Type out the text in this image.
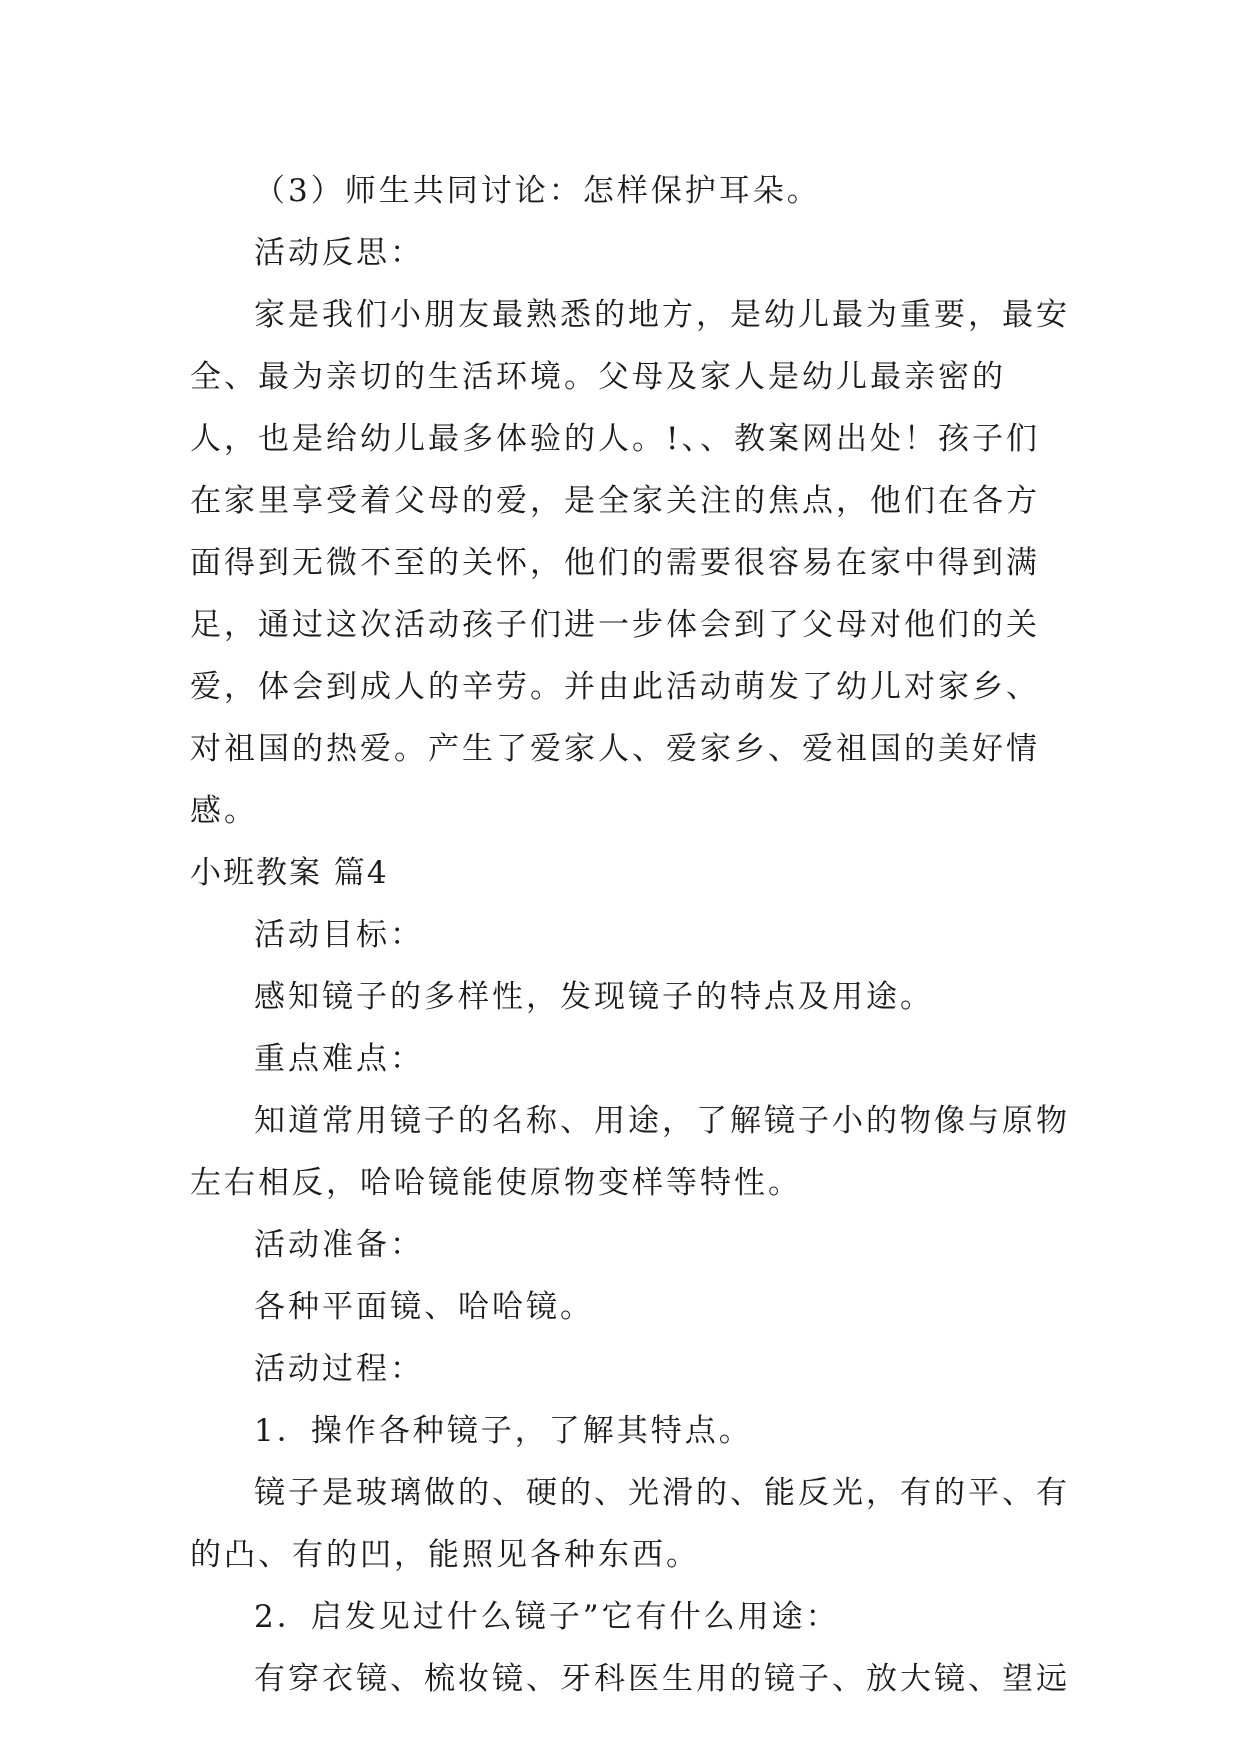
（3）师生共同讨论：怎样保护耳朵。

活动反思：

家是我们小朋友最熟悉的地方，是幼儿最为重要，最安全、最为亲切的生活环境。父母及家人是幼儿最亲密的人，也是给幼儿最多体验的人。!、、教案网出处！孩子们在家里享受着父母的爱，是全家关注的焦点，他们在各方面得到无微不至的关怀，他们的需要很容易在家中得到满足，通过这次活动孩子们进一步体会到了父母对他们的关爱，体会到成人的辛劳。并由此活动萌发了幼儿对家乡、对祖国的热爱。产生了爱家人、爱家乡、爱祖国的美好情感。

小班教案 篇4

活动目标：

感知镜子的多样性，发现镜子的特点及用途。

重点难点：

知道常用镜子的名称、用途，了解镜子小的物像与原物左右相反，哈哈镜能使原物变样等特性。

活动准备：

各种平面镜、哈哈镜。

活动过程：

1．操作各种镜子，了解其特点。

镜子是玻璃做的、硬的、光滑的、能反光，有的平、有的凸、有的凹，能照见各种东西。

2．启发见过什么镜子”它有什么用途：

有穿衣镜、梳妆镜、牙科医生用的镜子、放大镜、望远
